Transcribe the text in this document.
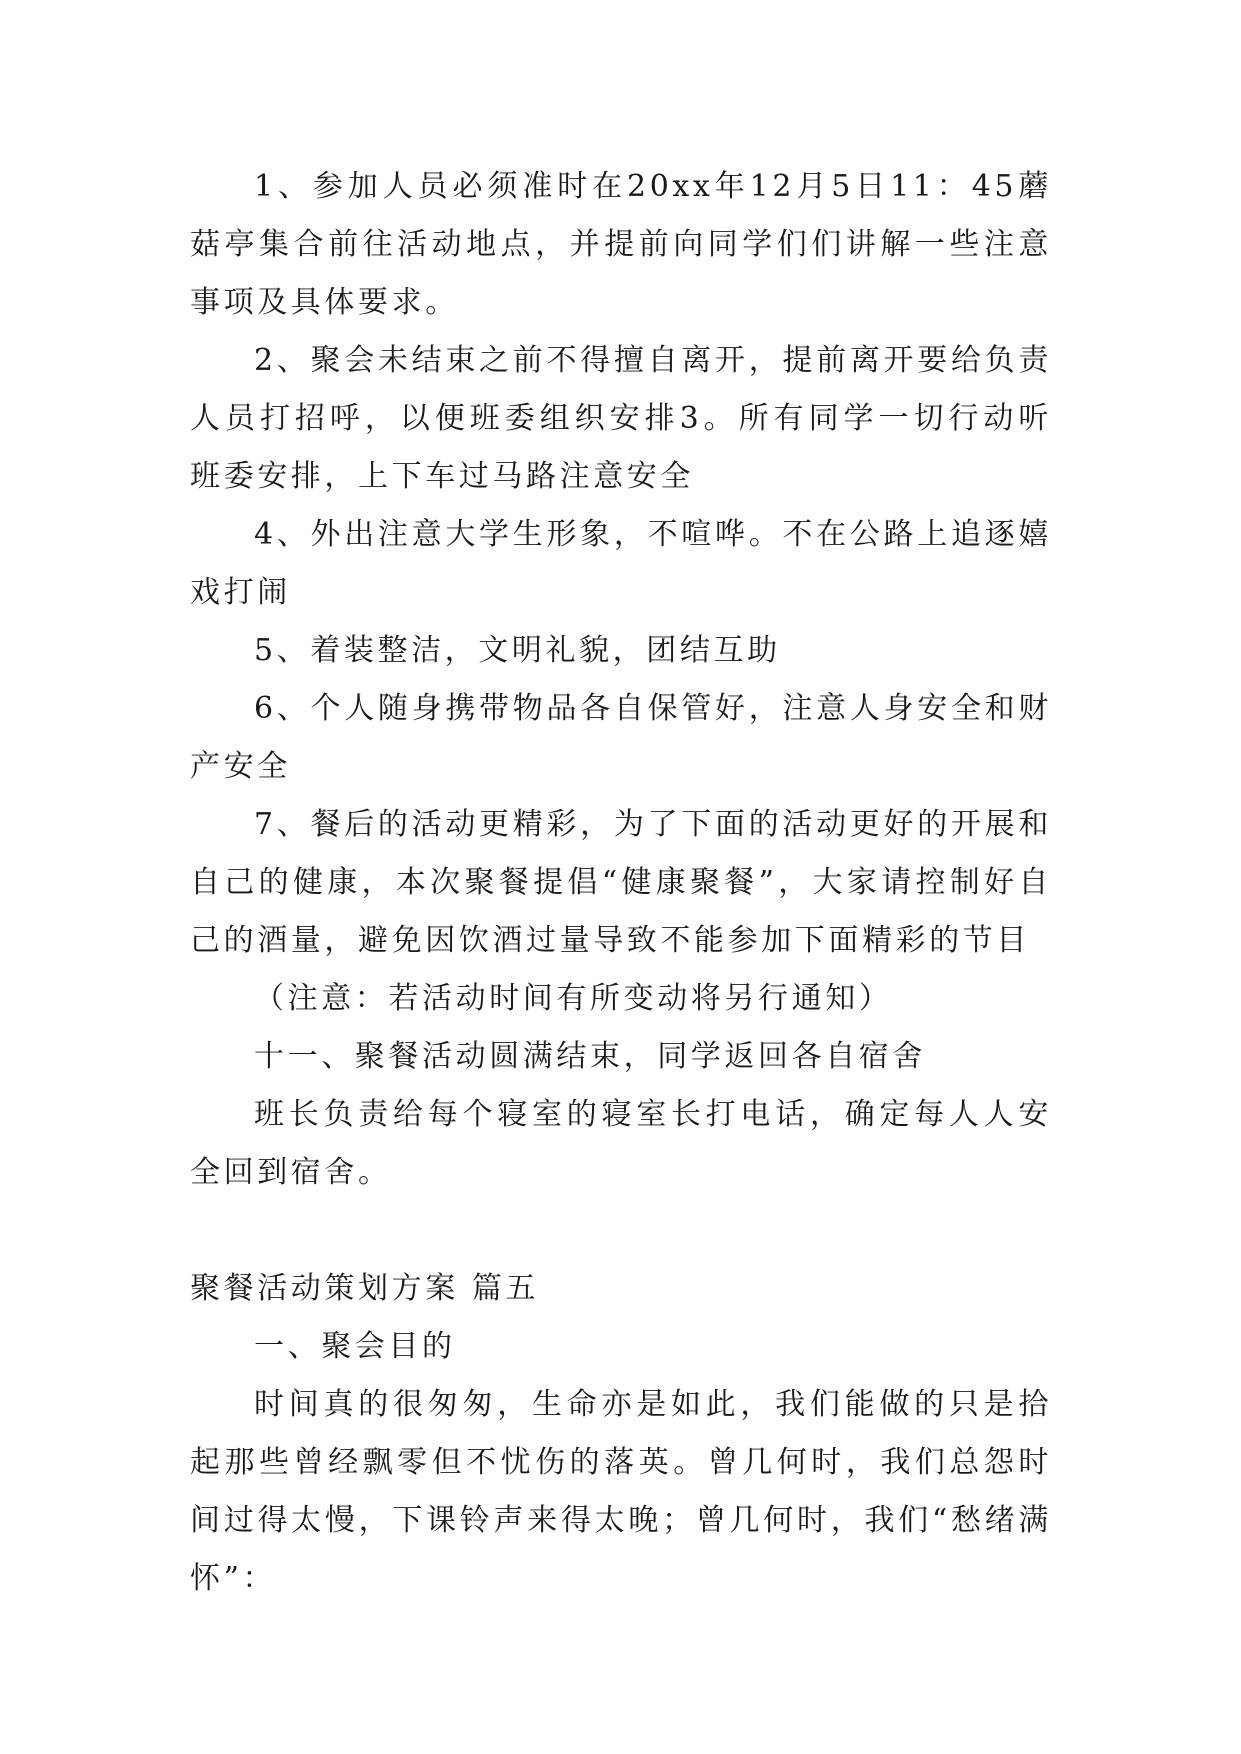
1、参加人员必须准时在20xx年12月5日11：45蘑菇亭集合前往活动地点，并提前向同学们们讲解一些注意事项及具体要求。

2、聚会未结束之前不得擅自离开，提前离开要给负责人员打招呼，以便班委组织安排3。所有同学一切行动听班委安排，上下车过马路注意安全

4、外出注意大学生形象，不喧哗。不在公路上追逐嬉戏打闹

5、着装整洁，文明礼貌，团结互助

6、个人随身携带物品各自保管好，注意人身安全和财产安全

7、餐后的活动更精彩，为了下面的活动更好的开展和自己的健康，本次聚餐提倡“健康聚餐”，大家请控制好自己的酒量，避免因饮酒过量导致不能参加下面精彩的节目

（注意：若活动时间有所变动将另行通知）

十一、聚餐活动圆满结束，同学返回各自宿舍

班长负责给每个寝室的寝室长打电话，确定每人人安全回到宿舍。

聚餐活动策划方案 篇五

一、聚会目的

时间真的很匆匆，生命亦是如此，我们能做的只是拾起那些曾经飘零但不忧伤的落英。曾几何时，我们总怨时间过得太慢，下课铃声来得太晚；曾几何时，我们“愁绪满怀”：
